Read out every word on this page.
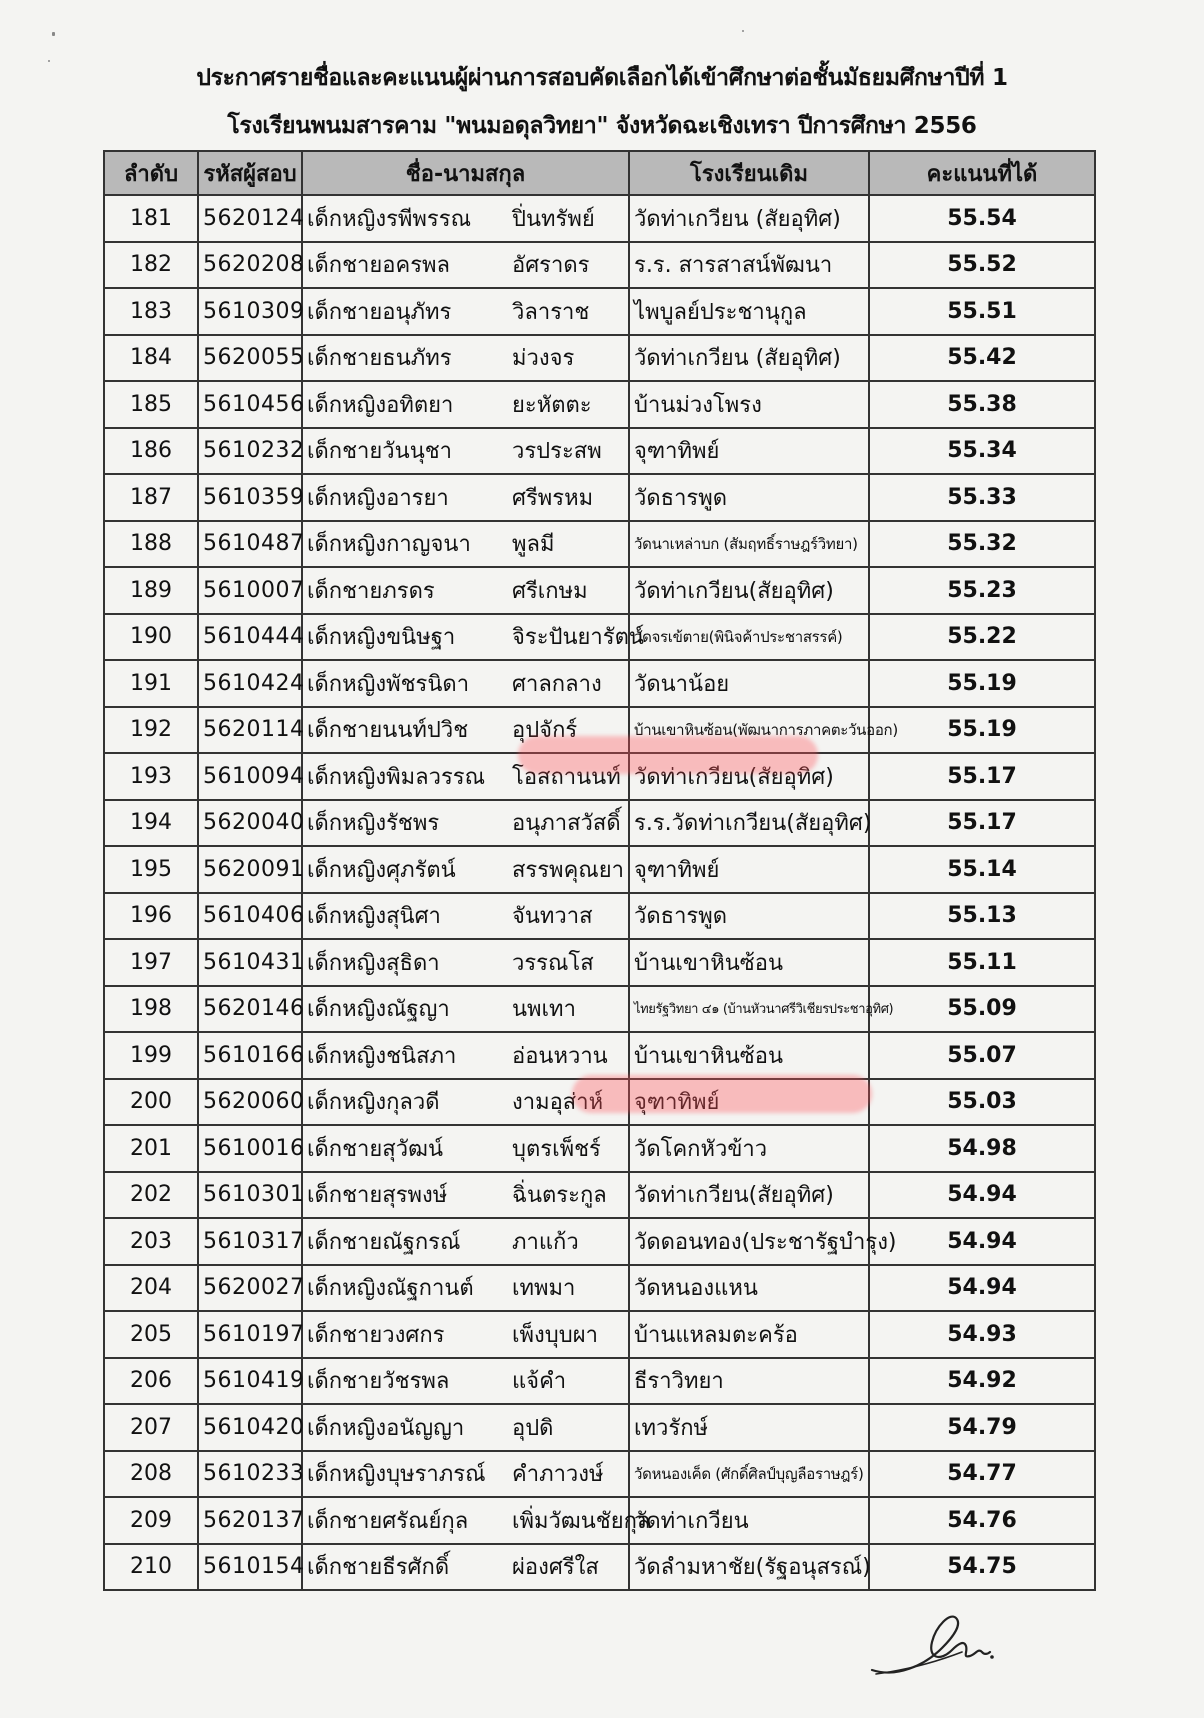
ประกาศรายชื่อและคะแนนผู้ผ่านการสอบคัดเลือกได้เข้าศึกษาต่อชั้นมัธยมศึกษาปีที่ 1
โรงเรียนพนมสารคาม "พนมอดุลวิทยา" จังหวัดฉะเชิงเทรา ปีการศึกษา 2556
ลำดับ	รหัสผู้สอบ	ชื่อ-นามสกุล	โรงเรียนเดิม	คะแนนที่ได้
181	5620124	เด็กหญิงรพีพรรณ ปิ่นทรัพย์	วัดท่าเกวียน (สัยอุทิศ)	55.54
182	5620208	เด็กชายอครพล อัศราดร	ร.ร. สารสาสน์พัฒนา	55.52
183	5610309	เด็กชายอนุภัทร วิลาราช	ไพบูลย์ประชานุกูล	55.51
184	5620055	เด็กชายธนภัทร ม่วงจร	วัดท่าเกวียน (สัยอุทิศ)	55.42
185	5610456	เด็กหญิงอทิตยา ยะหัตตะ	บ้านม่วงโพรง	55.38
186	5610232	เด็กชายวันนุชา วรประสพ	จุฑาทิพย์	55.34
187	5610359	เด็กหญิงอารยา ศรีพรหม	วัดธารพูด	55.33
188	5610487	เด็กหญิงกาญจนา พูลมี	วัดนาเหล่าบก (สัมฤทธิ์ราษฎร์วิทยา)	55.32
189	5610007	เด็กชายภรดร ศรีเกษม	วัดท่าเกวียน(สัยอุทิศ)	55.23
190	5610444	เด็กหญิงขนิษฐา จิระปันยารัตน์	วัดจรเข้ตาย(พินิจค้าประชาสรรค์)	55.22
191	5610424	เด็กหญิงพัชรนิดา ศาลกลาง	วัดนาน้อย	55.19
192	5620114	เด็กชายนนท์ปวิช อุปจักร์	บ้านเขาหินซ้อน(พัฒนาการภาคตะวันออก)	55.19
193	5610094	เด็กหญิงพิมลวรรณ โอสถานนท์	วัดท่าเกวียน(สัยอุทิศ)	55.17
194	5620040	เด็กหญิงรัชพร อนุภาสวัสดิ์	ร.ร.วัดท่าเกวียน(สัยอุทิศ)	55.17
195	5620091	เด็กหญิงศุภรัตน์ สรรพคุณยา	จุฑาทิพย์	55.14
196	5610406	เด็กหญิงสุนิศา จันทวาส	วัดธารพูด	55.13
197	5610431	เด็กหญิงสุธิดา วรรณโส	บ้านเขาหินซ้อน	55.11
198	5620146	เด็กหญิงณัฐญา นพเทา	ไทยรัฐวิทยา ๔๑ (บ้านหัวนาศรีวิเชียรประชาอุทิศ)	55.09
199	5610166	เด็กหญิงชนิสภา อ่อนหวาน	บ้านเขาหินซ้อน	55.07
200	5620060	เด็กหญิงกุลวดี งามอุส่าห์	จุฑาทิพย์	55.03
201	5610016	เด็กชายสุวัฒน์ บุตรเพ็ชร์	วัดโคกหัวข้าว	54.98
202	5610301	เด็กชายสุรพงษ์ ฉิ่นตระกูล	วัดท่าเกวียน(สัยอุทิศ)	54.94
203	5610317	เด็กชายณัฐกรณ์ ภาแก้ว	วัดดอนทอง(ประชารัฐบำรุง)	54.94
204	5620027	เด็กหญิงณัฐกานต์ เทพมา	วัดหนองแหน	54.94
205	5610197	เด็กชายวงศกร เพ็งบุบผา	บ้านแหลมตะคร้อ	54.93
206	5610419	เด็กชายวัชรพล แจ้คำ	ธีราวิทยา	54.92
207	5610420	เด็กหญิงอนัญญา อุปดิ	เทวรักษ์	54.79
208	5610233	เด็กหญิงบุษราภรณ์ คำภาวงษ์	วัดหนองเค็ด (ศักดิ์ศิลป์บุญลือราษฎร์)	54.77
209	5620137	เด็กชายศรัณย์กุล เพิ่มวัฒนชัยกุล	วัดท่าเกวียน	54.76
210	5610154	เด็กชายธีรศักดิ์ ผ่องศรีใส	วัดลำมหาชัย(รัฐอนุสรณ์)	54.75
